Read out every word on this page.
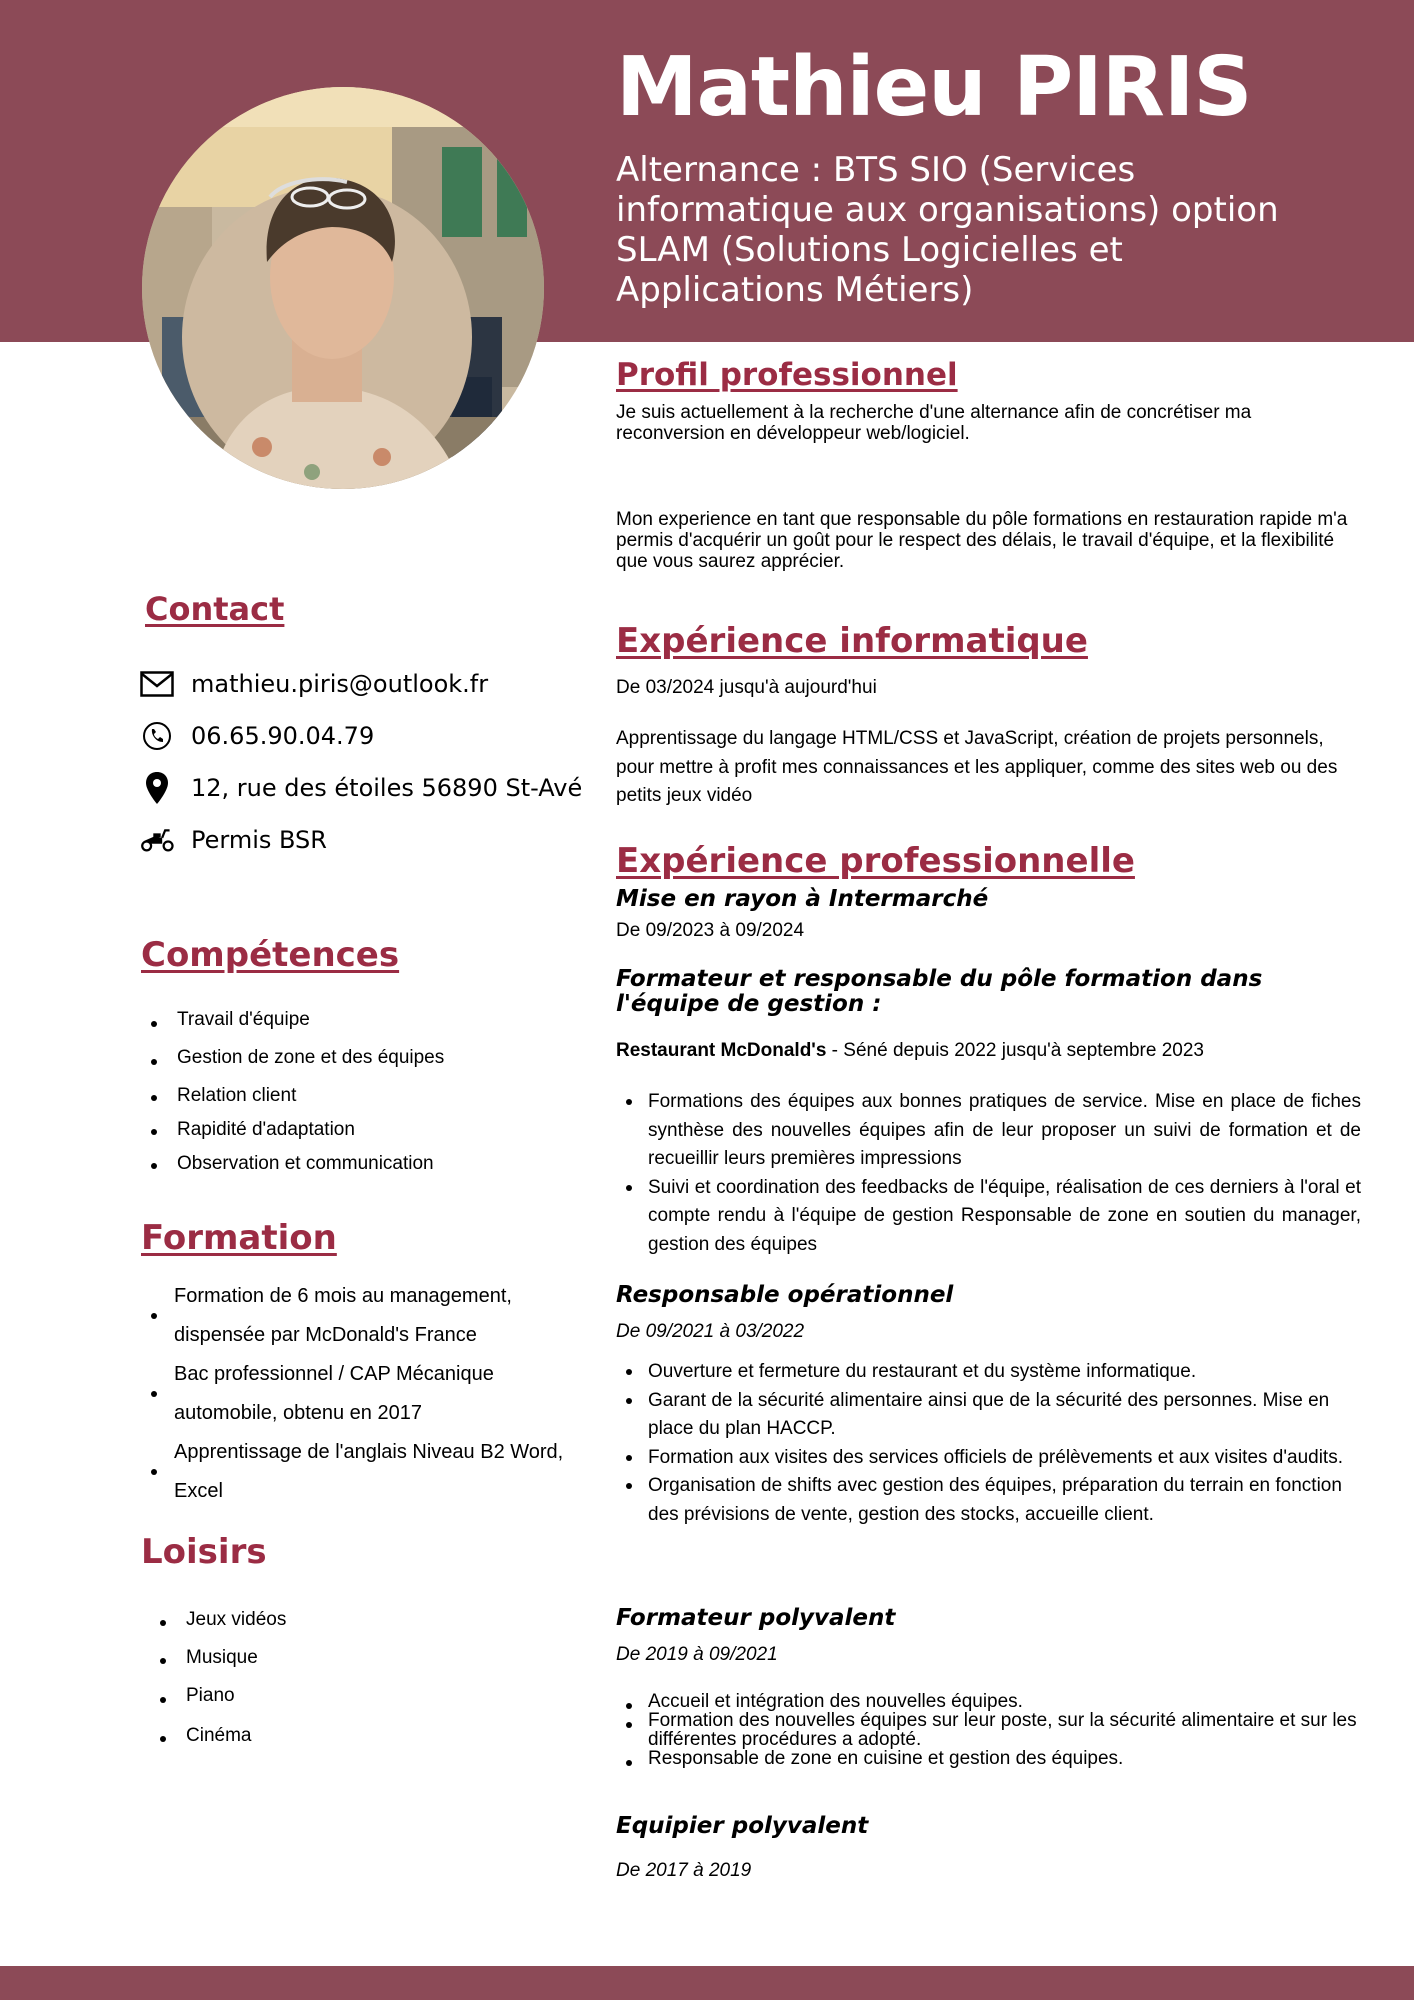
Mathieu PIRIS

Alternance : BTS SIO (Services informatique aux organisations) option SLAM (Solutions Logicielles et Applications Métiers)

Profil professionnel

Je suis actuellement à la recherche d'une alternance afin de concrétiser ma reconversion en développeur web/logiciel.

Mon experience en tant que responsable du pôle formations en restauration rapide m'a permis d'acquérir un goût pour le respect des délais, le travail d'équipe, et la flexibilité que vous saurez apprécier.

Contact
mathieu.piris@outlook.fr
06.65.90.04.79
12, rue des étoiles 56890 St-Avé
Permis BSR
Compétences
Travail d'équipe
Gestion de zone et des équipes
Relation client
Rapidité d'adaptation
Observation et communication
Formation
Formation de 6 mois au management, dispensée par McDonald's France
Bac professionnel / CAP Mécanique automobile, obtenu en 2017
Apprentissage de l'anglais Niveau B2 Word, Excel
Loisirs
Jeux vidéos
Musique
Piano
Cinéma
Expérience informatique

De 03/2024 jusqu'à aujourd'hui

Apprentissage du langage HTML/CSS et JavaScript, création de projets personnels, pour mettre à profit mes connaissances et les appliquer, comme des sites web ou des petits jeux vidéo

Expérience professionnelle

Mise en rayon à Intermarché

De 09/2023 à 09/2024

Formateur et responsable du pôle formation dans l'équipe de gestion :

Restaurant McDonald's - Séné depuis 2022 jusqu'à septembre 2023

Formations des équipes aux bonnes pratiques de service. Mise en place de fiches synthèse des nouvelles équipes afin de leur proposer un suivi de formation et de recueillir leurs premières impressions
Suivi et coordination des feedbacks de l'équipe, réalisation de ces derniers à l'oral et compte rendu à l'équipe de gestion Responsable de zone en soutien du manager, gestion des équipes

Responsable opérationnel

De 09/2021 à 03/2022

Ouverture et fermeture du restaurant et du système informatique.
Garant de la sécurité alimentaire ainsi que de la sécurité des personnes. Mise en place du plan HACCP.
Formation aux visites des services officiels de prélèvements et aux visites d'audits.
Organisation de shifts avec gestion des équipes, préparation du terrain en fonction des prévisions de vente, gestion des stocks, accueille client.

Formateur polyvalent

De 2019 à 09/2021

Accueil et intégration des nouvelles équipes.
Formation des nouvelles équipes sur leur poste, sur la sécurité alimentaire et sur les différentes procédures a adopté.
Responsable de zone en cuisine et gestion des équipes.

Equipier polyvalent

De 2017 à 2019
